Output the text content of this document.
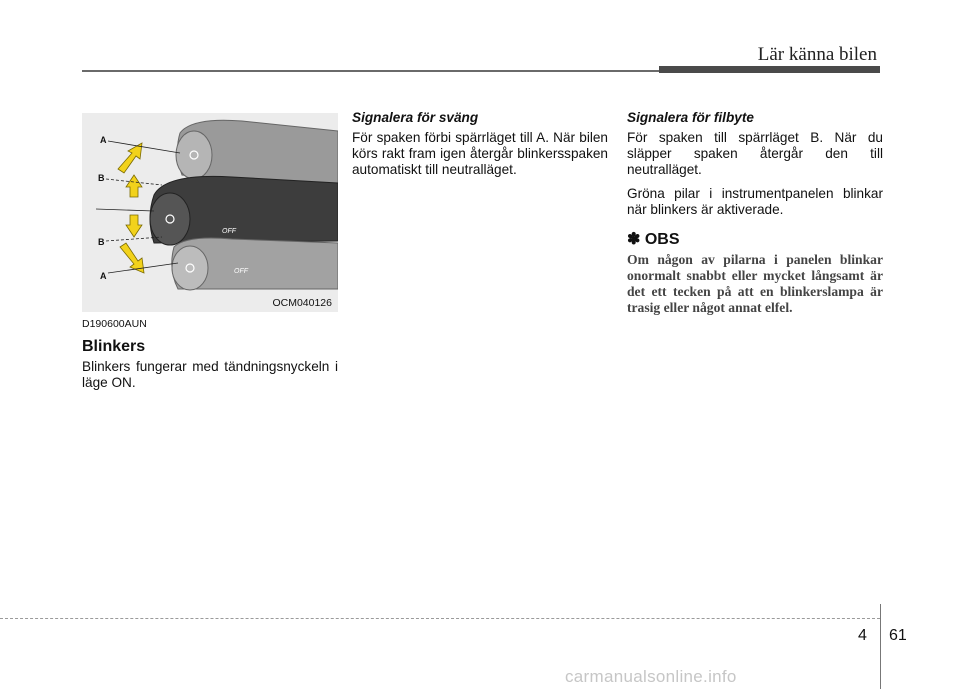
Lär känna bilen
OFF
OFF
A
B
B
A
OCM040126
D190600AUN
Blinkers

Blinkers fungerar med tändningsnyckeln i läge ON.

Signalera för sväng

För spaken förbi spärrläget till A. När bilen körs rakt fram igen återgår blinkersspaken automatiskt till neutralläget.

Signalera för filbyte

För spaken till spärrläget B. När du släpper spaken återgår den till neutralläget.

Gröna pilar i instrumentpanelen blinkar när blinkers är aktiverade.

✽ OBS

Om någon av pilarna i panelen blinkar onormalt snabbt eller mycket långsamt är det ett tecken på att en blinkerslampa är trasig eller något annat elfel.

4 61
carmanualsonline.info
